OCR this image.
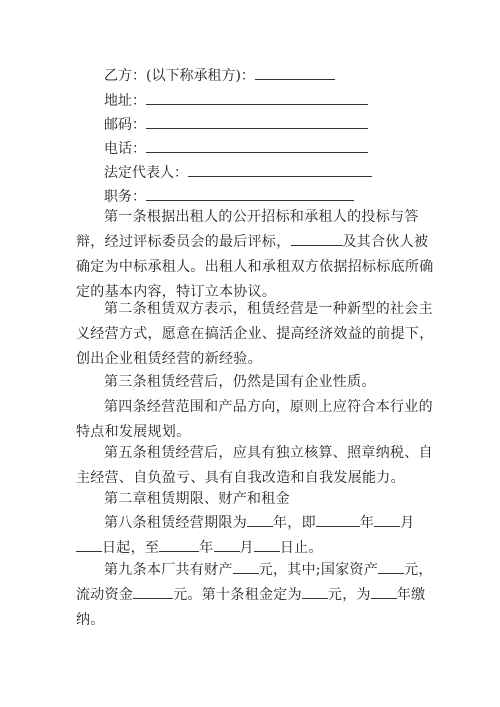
乙方：(以下称承租方)：
地址：
邮码：
电话：
法定代表人：
职务：
第一条根据出租人的公开招标和承租人的投标与答辩，经过评标委员会的最后评标，	及其合伙人被确定为中标承租人。出租人和承租双方依据招标标底所确定的基本内容，特订立本协议。
第二条租赁双方表示，租赁经营是一种新型的社会主义经营方式，愿意在搞活企业、提高经济效益的前提下，创出企业租赁经营的新经验。
第三条租赁经营后，仍然是国有企业性质。
第四条经营范围和产品方向，原则上应符合本行业的特点和发展规划。
第五条租赁经营后，应具有独立核算、照章纳税、自主经营、自负盈亏、具有自我改造和自我发展能力。
第二章租赁期限、财产和租金
第八条租赁经营期限为 年，即	年 月日起，至	年 月 日止。
第九条本厂共有财产 元，其中;国家资产 元，流动资金	元。第十条租金定为 元，为 年缴纳。
